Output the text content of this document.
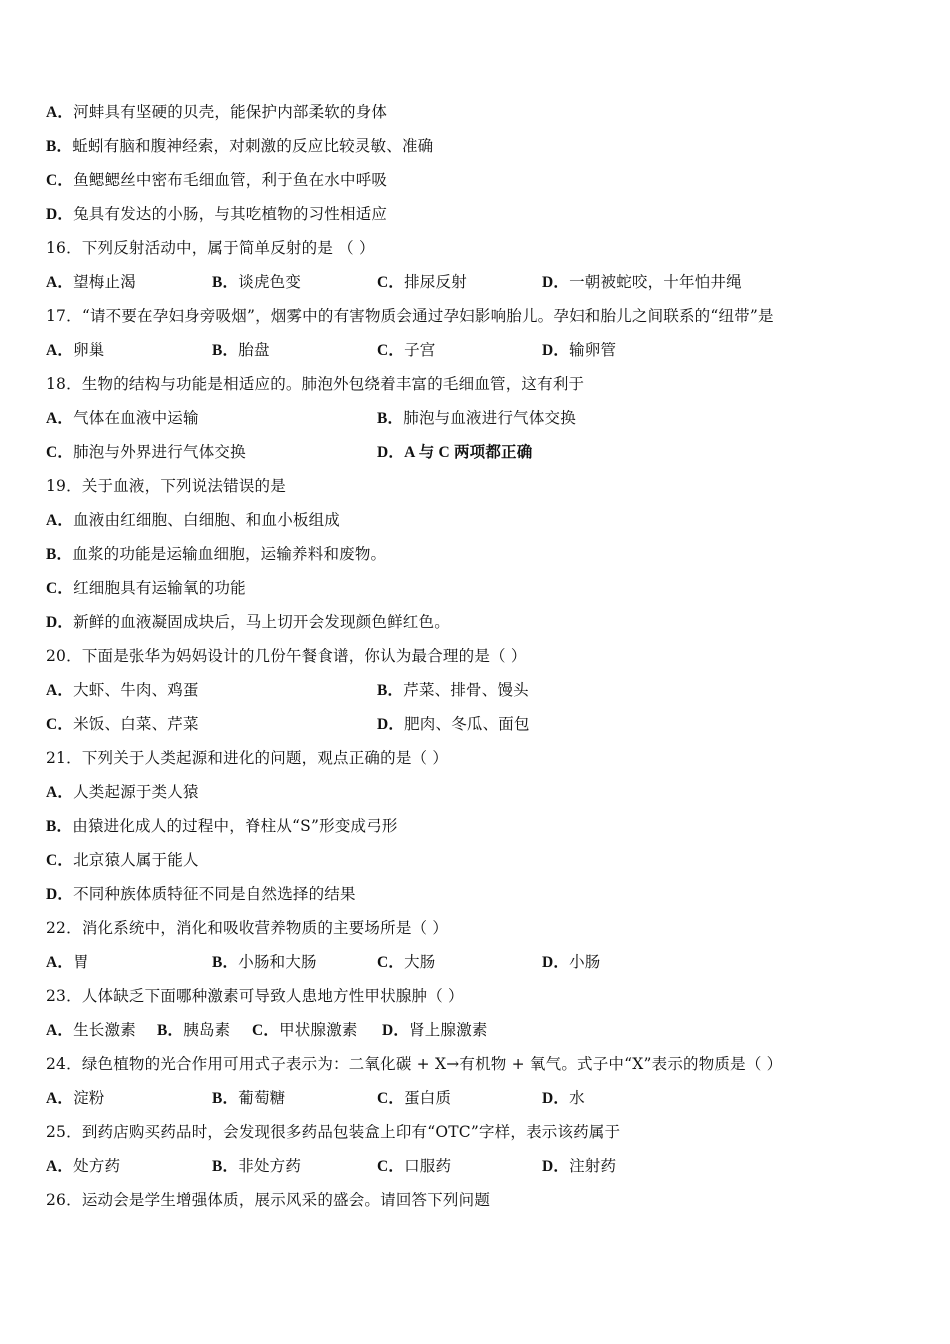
A．河蚌具有坚硬的贝壳，能保护内部柔软的身体
B．蚯蚓有脑和腹神经索，对刺激的反应比较灵敏、准确
C．鱼鳃鳃丝中密布毛细血管，利于鱼在水中呼吸
D．兔具有发达的小肠，与其吃植物的习性相适应
16．下列反射活动中，属于简单反射的是 （ ）
A．望梅止渴	B．谈虎色变	C．排尿反射	D．一朝被蛇咬，十年怕井绳
17．“请不要在孕妇身旁吸烟”，烟雾中的有害物质会通过孕妇影响胎儿。孕妇和胎儿之间联系的“纽带”是
A．卵巢	B．胎盘	C．子宫	D．输卵管
18．生物的结构与功能是相适应的。肺泡外包绕着丰富的毛细血管，这有利于
A．气体在血液中运输	B．肺泡与血液进行气体交换
C．肺泡与外界进行气体交换	D．A 与 C 两项都正确
19．关于血液，下列说法错误的是
A．血液由红细胞、白细胞、和血小板组成
B．血浆的功能是运输血细胞，运输养料和废物。
C．红细胞具有运输氧的功能
D．新鲜的血液凝固成块后，马上切开会发现颜色鲜红色。
20．下面是张华为妈妈设计的几份午餐食谱，你认为最合理的是（ ）
A．大虾、牛肉、鸡蛋	B．芹菜、排骨、馒头
C．米饭、白菜、芹菜	D．肥肉、冬瓜、面包
21．下列关于人类起源和进化的问题，观点正确的是（ ）
A．人类起源于类人猿
B．由猿进化成人的过程中，脊柱从“S”形变成弓形
C．北京猿人属于能人
D．不同种族体质特征不同是自然选择的结果
22．消化系统中，消化和吸收营养物质的主要场所是（ ）
A．胃	B．小肠和大肠	C．大肠	D．小肠
23．人体缺乏下面哪种激素可导致人患地方性甲状腺肿（ ）
A．生长激素 B．胰岛素 C．甲状腺激素 D．肾上腺激素
24．绿色植物的光合作用可用式子表示为：二氧化碳 + X→有机物 + 氧气。式子中“X”表示的物质是（ ）
A．淀粉	B．葡萄糖	C．蛋白质	D．水
25．到药店购买药品时，会发现很多药品包装盒上印有“OTC”字样，表示该药属于
A．处方药	B．非处方药	C．口服药	D．注射药
26．运动会是学生增强体质，展示风采的盛会。请回答下列问题
